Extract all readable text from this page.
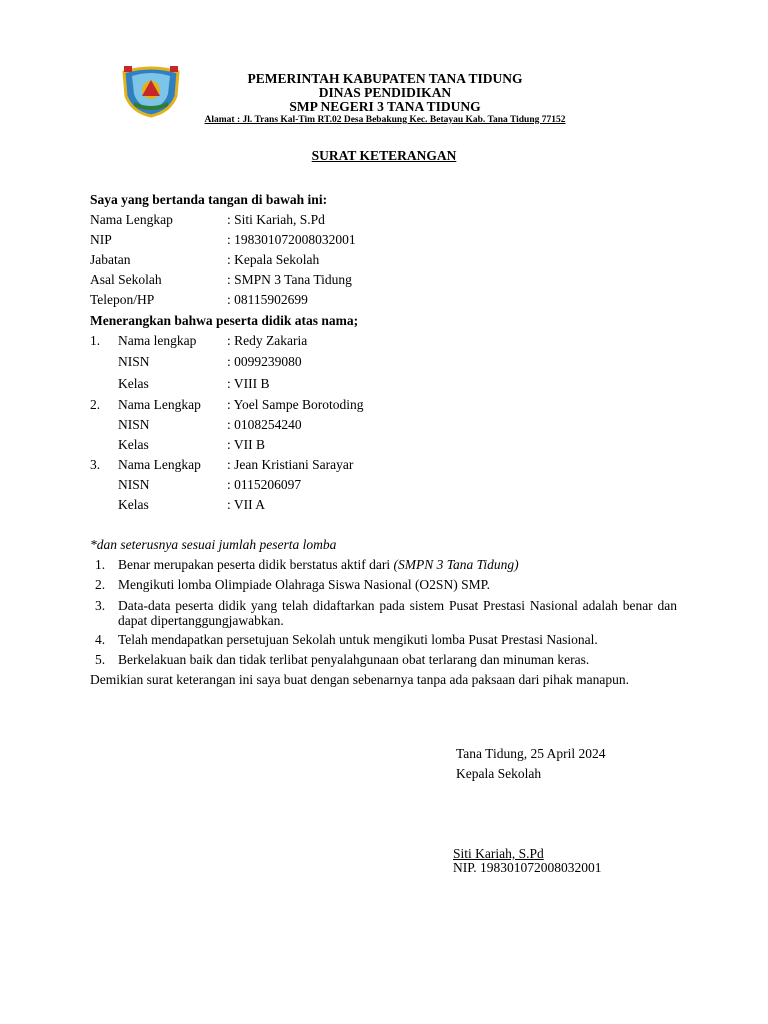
PEMERINTAH KABUPATEN TANA TIDUNG
DINAS PENDIDIKAN
SMP NEGERI 3 TANA TIDUNG
Alamat : Jl. Trans Kal-Tim RT.02 Desa Bebakung Kec. Betayau Kab. Tana Tidung 77152
SURAT KETERANGAN
Saya yang bertanda tangan di bawah ini:
Nama Lengkap	: Siti Kariah, S.Pd
NIP	: 198301072008032001
Jabatan	: Kepala Sekolah
Asal Sekolah	: SMPN 3 Tana Tidung
Telepon/HP	: 08115902699
Menerangkan bahwa peserta didik atas nama;
1. Nama lengkap : Redy Zakaria
NISN	: 0099239080
Kelas	: VIII B
2. Nama Lengkap : Yoel Sampe Borotoding
NISN	: 0108254240
Kelas	: VII B
3. Nama Lengkap : Jean Kristiani Sarayar
NISN	: 0115206097
Kelas	: VII A
*dan seterusnya sesuai jumlah peserta lomba
1. Benar merupakan peserta didik berstatus aktif dari (SMPN 3 Tana Tidung)
2. Mengikuti lomba Olimpiade Olahraga Siswa Nasional (O2SN) SMP.
3. Data-data peserta didik yang telah didaftarkan pada sistem Pusat Prestasi Nasional adalah benar dan dapat dipertanggungjawabkan.
4. Telah mendapatkan persetujuan Sekolah untuk mengikuti lomba Pusat Prestasi Nasional.
5. Berkelakuan baik dan tidak terlibat penyalahgunaan obat terlarang dan minuman keras.
Demikian surat keterangan ini saya buat dengan sebenarnya tanpa ada paksaan dari pihak manapun.
Tana Tidung, 25 April 2024
Kepala Sekolah
Siti Kariah, S.Pd
NIP. 198301072008032001
